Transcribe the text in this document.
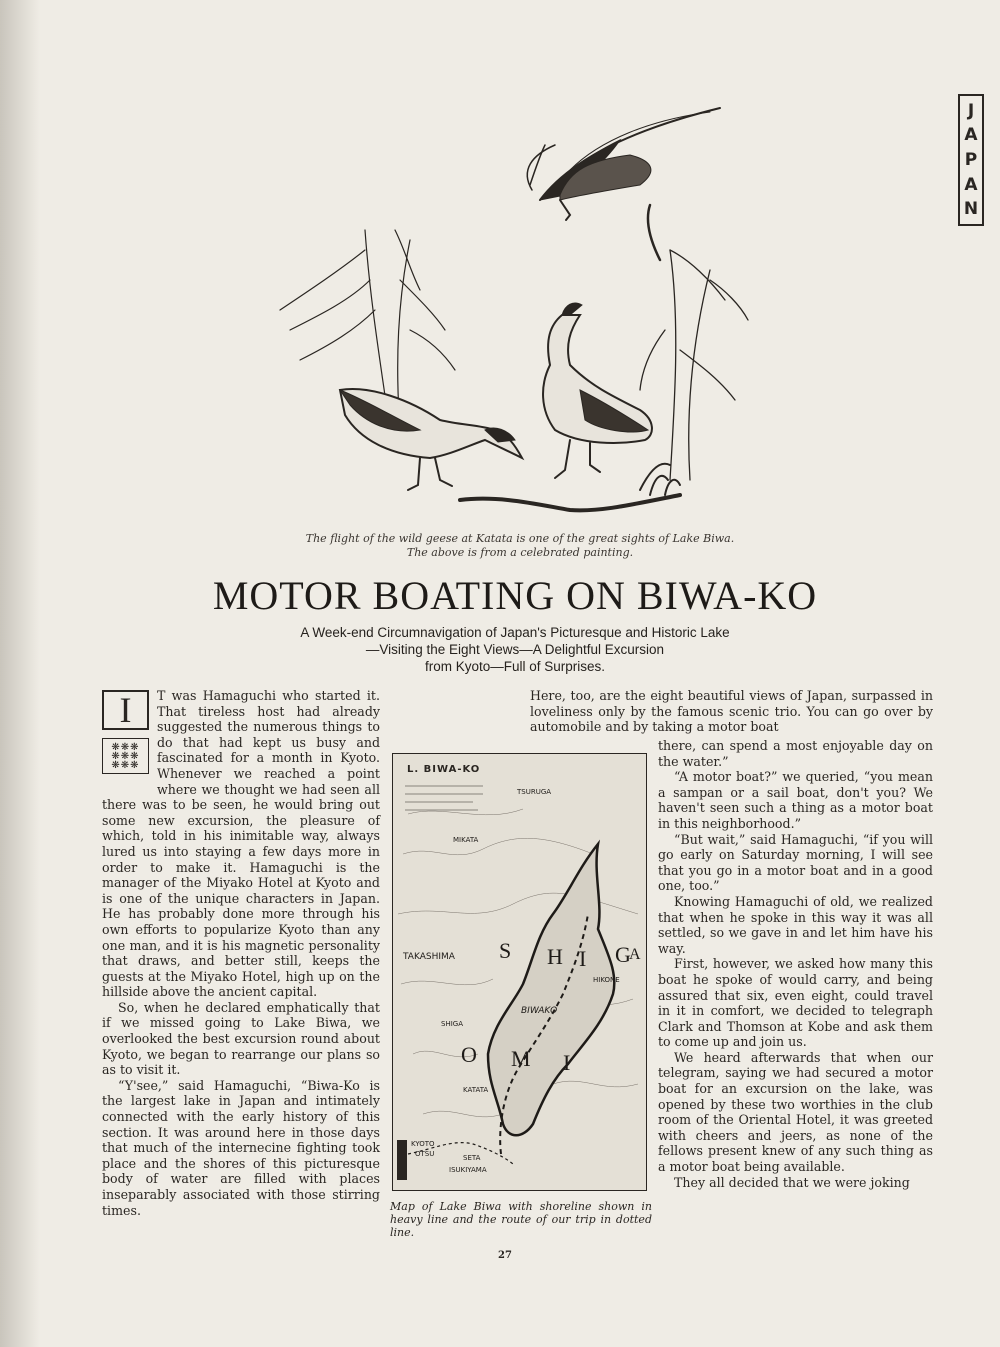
J
A
P
A
N
The flight of the wild geese at Katata is one of the great sights of Lake Biwa.
The above is from a celebrated painting.
MOTOR BOATING ON BIWA-KO
A Week-end Circumnavigation of Japan's Picturesque and Historic Lake
—Visiting the Eight Views—A Delightful Excursion
from Kyoto—Full of Surprises.
I
❋❋❋
❋❋❋
❋❋❋

T was Hamaguchi who started it. That tireless host had already suggested the numerous things to do that had kept us busy and fascinated for a month in Kyoto. Whenever we reached a point where we thought we had seen all there was to be seen, he would bring out some new excursion, the pleasure of which, told in his inimitable way, always lured us into staying a few days more in order to make it. Hamaguchi is the manager of the Miyako Hotel at Kyoto and is one of the unique characters in Japan. He has probably done more through his own efforts to popularize Kyoto than any one man, and it is his magnetic personality that draws, and better still, keeps the guests at the Miyako Hotel, high up on the hillside above the ancient capital.

So, when he declared emphatically that if we missed going to Lake Biwa, we overlooked the best excursion round about Kyoto, we began to rearrange our plans so as to visit it.

“Y'see,” said Hamaguchi, “Biwa-Ko is the largest lake in Japan and intimately connected with the early history of this section. It was around here in those days that much of the internecine fighting took place and the shores of this picturesque body of water are filled with places inseparably associated with those stirring times.

L. BIWA-KO
S H I G
A
O M I
MIKATA
TAKASHIMA
BIWAKO
KATATA
HIKONE
OTSU
KYOTO
SETA
ISUKIYAMA
TSURUGA
SHIGA
Map of Lake Biwa with shoreline shown in heavy line and the route of our trip in dotted line.

Here, too, are the eight beautiful views of Japan, surpassed in loveliness only by the famous scenic trio. You can go over by automobile and by taking a motor boat

there, can spend a most enjoyable day on the water.”

“A motor boat?” we queried, “you mean a sampan or a sail boat, don't you? We haven't seen such a thing as a motor boat in this neighborhood.”

“But wait,” said Hamaguchi, “if you will go early on Saturday morning, I will see that you go in a motor boat and in a good one, too.”

Knowing Hamaguchi of old, we realized that when he spoke in this way it was all settled, so we gave in and let him have his way.

First, however, we asked how many this boat he spoke of would carry, and being assured that six, even eight, could travel in it in comfort, we decided to telegraph Clark and Thomson at Kobe and ask them to come up and join us.

We heard afterwards that when our telegram, saying we had secured a motor boat for an excursion on the lake, was opened by these two worthies in the club room of the Oriental Hotel, it was greeted with cheers and jeers, as none of the fellows present knew of any such thing as a motor boat being available.

They all decided that we were joking

27
